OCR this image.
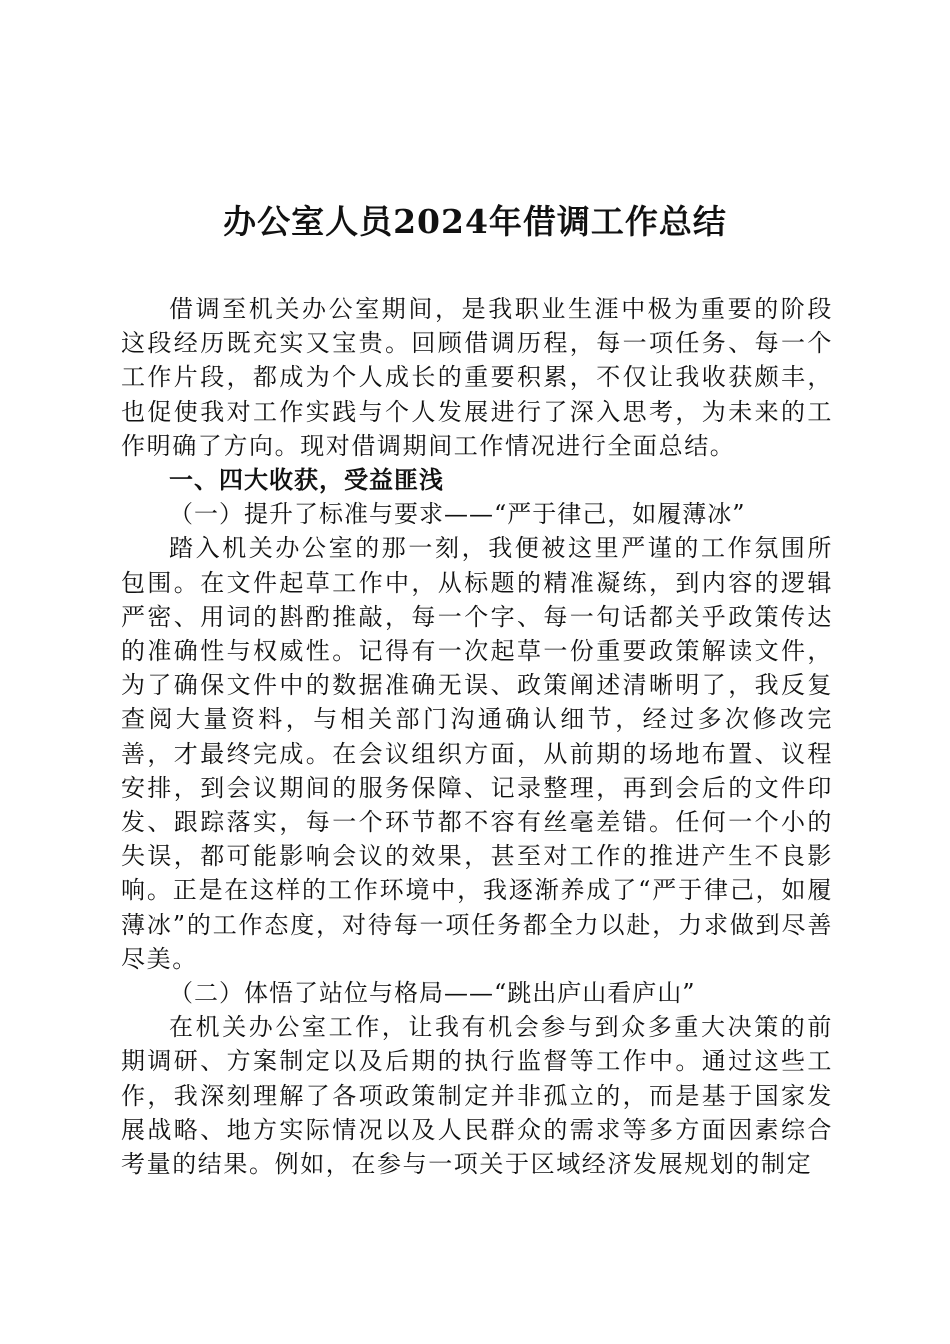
办公室人员2024年借调工作总结

借调至机关办公室期间，是我职业生涯中极为重要的阶段这段经历既充实又宝贵。回顾借调历程，每一项任务、每一个工作片段，都成为个人成长的重要积累，不仅让我收获颇丰，也促使我对工作实践与个人发展进行了深入思考，为未来的工作明确了方向。现对借调期间工作情况进行全面总结。

一、四大收获，受益匪浅

（一）提升了标准与要求——“严于律己，如履薄冰”

踏入机关办公室的那一刻，我便被这里严谨的工作氛围所包围。在文件起草工作中，从标题的精准凝练，到内容的逻辑严密、用词的斟酌推敲，每一个字、每一句话都关乎政策传达的准确性与权威性。记得有一次起草一份重要政策解读文件，为了确保文件中的数据准确无误、政策阐述清晰明了，我反复查阅大量资料，与相关部门沟通确认细节，经过多次修改完善，才最终完成。在会议组织方面，从前期的场地布置、议程安排，到会议期间的服务保障、记录整理，再到会后的文件印发、跟踪落实，每一个环节都不容有丝毫差错。任何一个小的失误，都可能影响会议的效果，甚至对工作的推进产生不良影响。正是在这样的工作环境中，我逐渐养成了“严于律己，如履薄冰”的工作态度，对待每一项任务都全力以赴，力求做到尽善尽美。

（二）体悟了站位与格局——“跳出庐山看庐山”

在机关办公室工作，让我有机会参与到众多重大决策的前期调研、方案制定以及后期的执行监督等工作中。通过这些工作，我深刻理解了各项政策制定并非孤立的，而是基于国家发展战略、地方实际情况以及人民群众的需求等多方面因素综合考量的结果。例如，在参与一项关于区域经济发展规划的制定
